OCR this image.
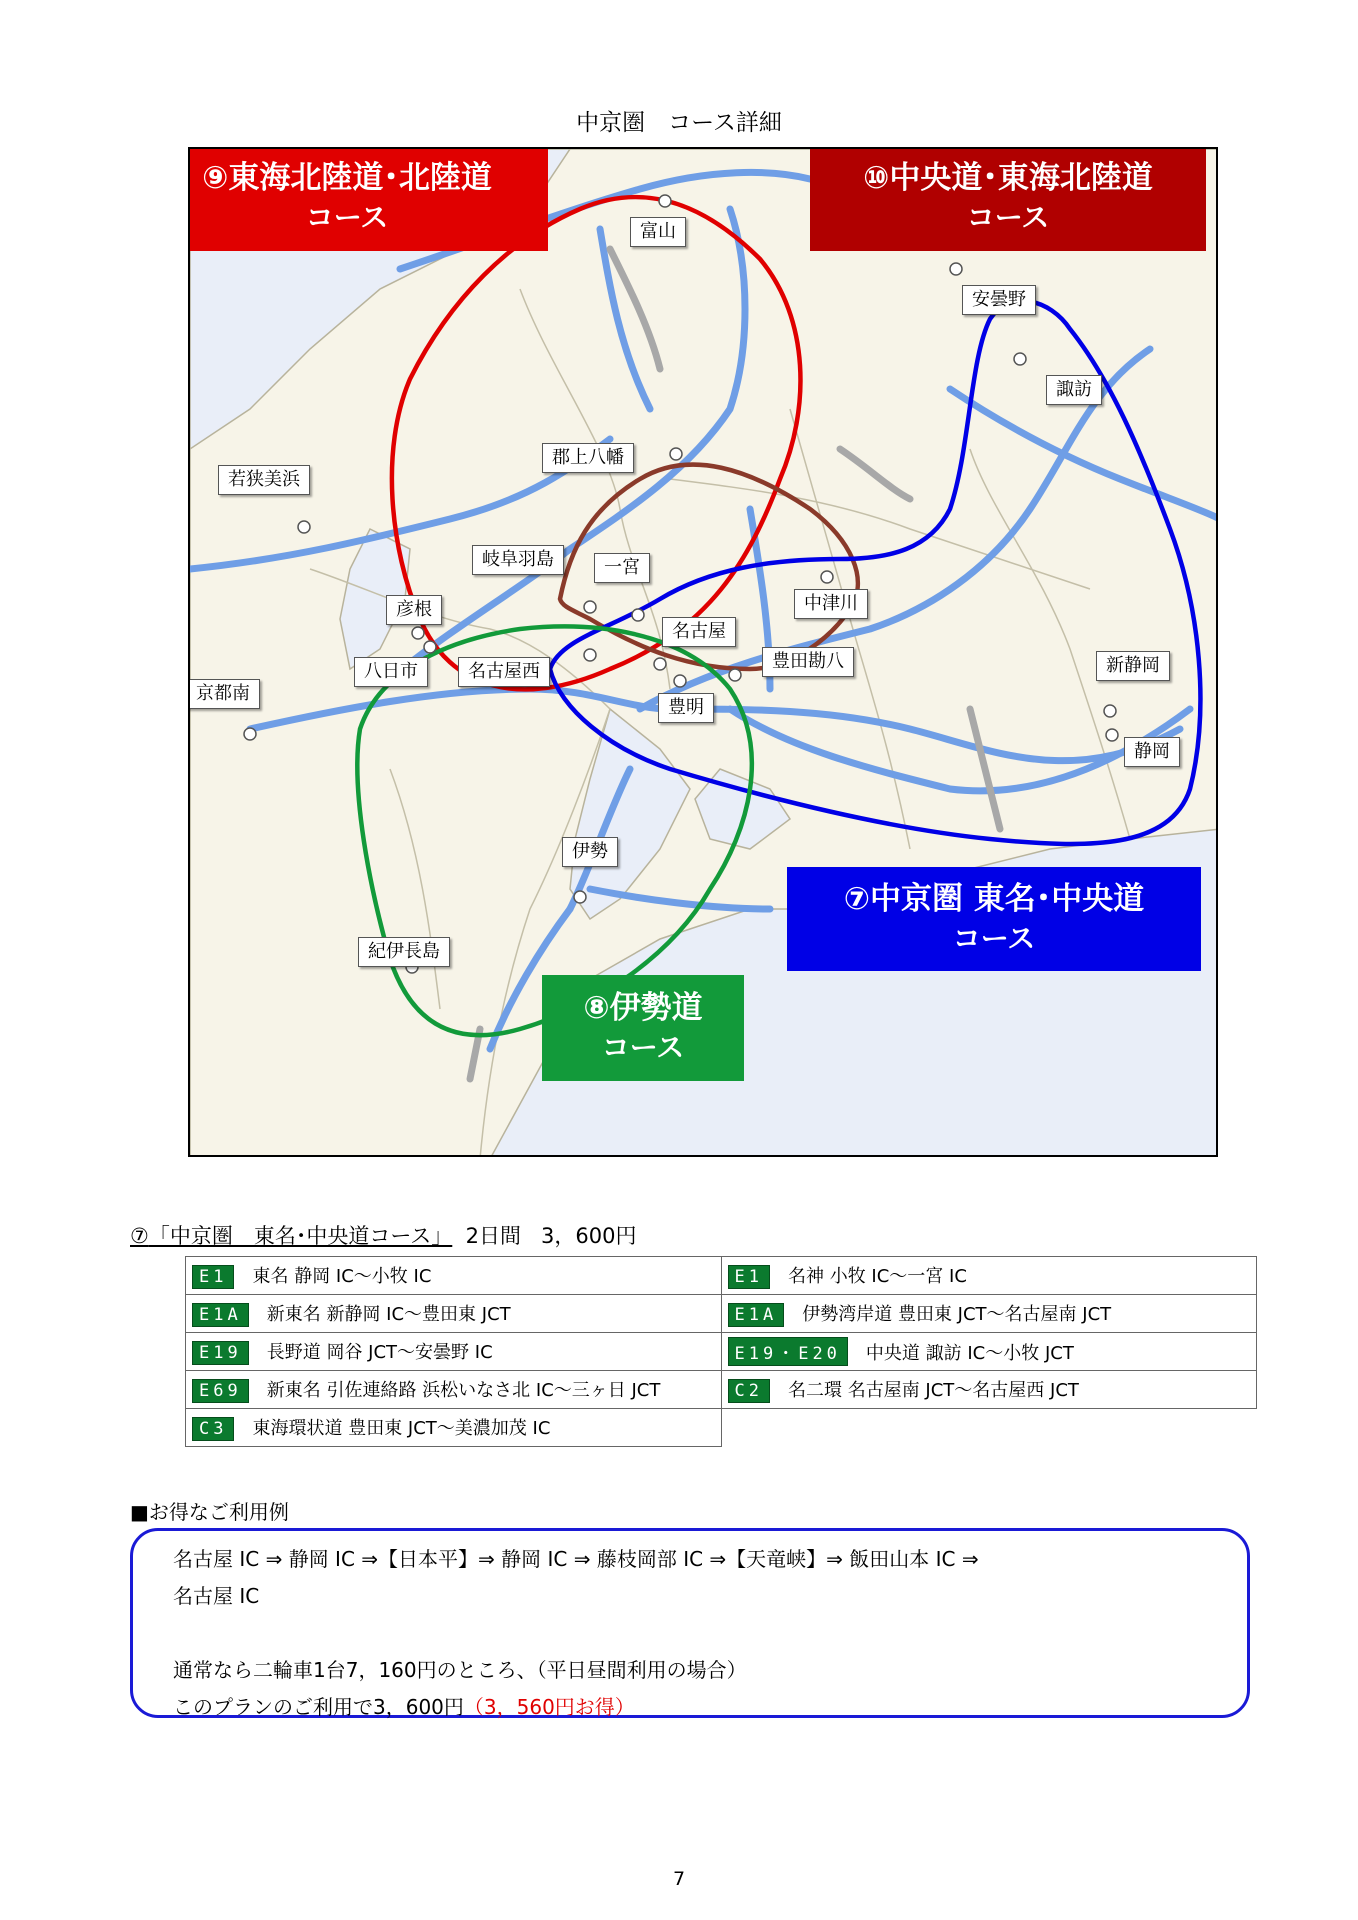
中京圏　コース詳細
⑨東海北陸道･北陸道
コース
⑩中央道･東海北陸道
コース
⑦中京圏 東名･中央道
コース
⑧伊勢道
コース
富山
安曇野
諏訪
若狭美浜
郡上八幡
岐阜羽島	一宮
中津川
彦根
名古屋
豊田勘八
八日市	名古屋西	新静岡
京都南
豊明
静岡
伊勢
紀伊長島
⑦「中京圏　東名･中央道コース」 2日間 3，600円
E1 東名 静岡 IC～小牧 IC	E1 名神 小牧 IC～一宮 IC
E1A 新東名 新静岡 IC～豊田東 JCT	E1A 伊勢湾岸道 豊田東 JCT～名古屋南 JCT
E19 長野道 岡谷 JCT～安曇野 IC	E19・E20 中央道 諏訪 IC～小牧 JCT
E69 新東名 引佐連絡路 浜松いなさ北 IC～三ヶ日 JCT	C2 名二環 名古屋南 JCT～名古屋西 JCT
C3 東海環状道 豊田東 JCT～美濃加茂 IC	
■お得なご利用例
名古屋 IC ⇒ 静岡 IC ⇒【日本平】⇒ 静岡 IC ⇒ 藤枝岡部 IC ⇒【天竜峡】⇒ 飯田山本 IC ⇒
名古屋 IC

通常なら二輪車1台7，160円のところ、（平日昼間利用の場合）
このプランのご利用で3，600円（3，560円お得）
7
